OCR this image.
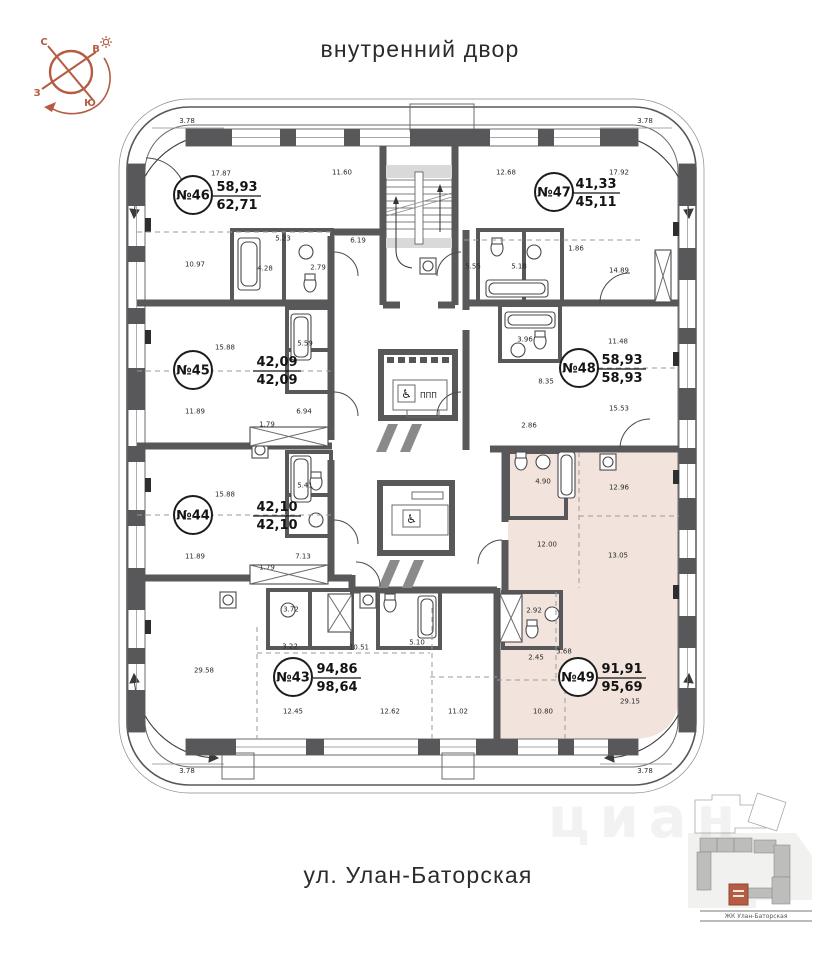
♿ ППП
♿
С
В
З
Ю
ЖК Улан-Баторская
№46
58,93
62,71
17.87	11.60
10.97
5.23	6.19
4.28	2.79
№47
41,33
45,11
12.68	17.92
5.55	5.18
1.86
14.89
№45
42,09
42,09
15.88	5.59
11.89	6.94
1.79
№48
58,93
58,93
3.96	11.48
8.35
15.53
2.86
№44
42,10
42,10
15.88
5.41
11.89	7.13
1.79
№43
94,86
98,64
29.58
3.72
3.22	10.51
5.10
12.45	12.62	11.02
№49
91,91
95,69
4.90
12.96
12.00
13.05
2.92
2.45
3.68
10.80
29.15
3.78	3.78
3.78	3.78
внутренний двор
ул. Улан-Баторская
циан
